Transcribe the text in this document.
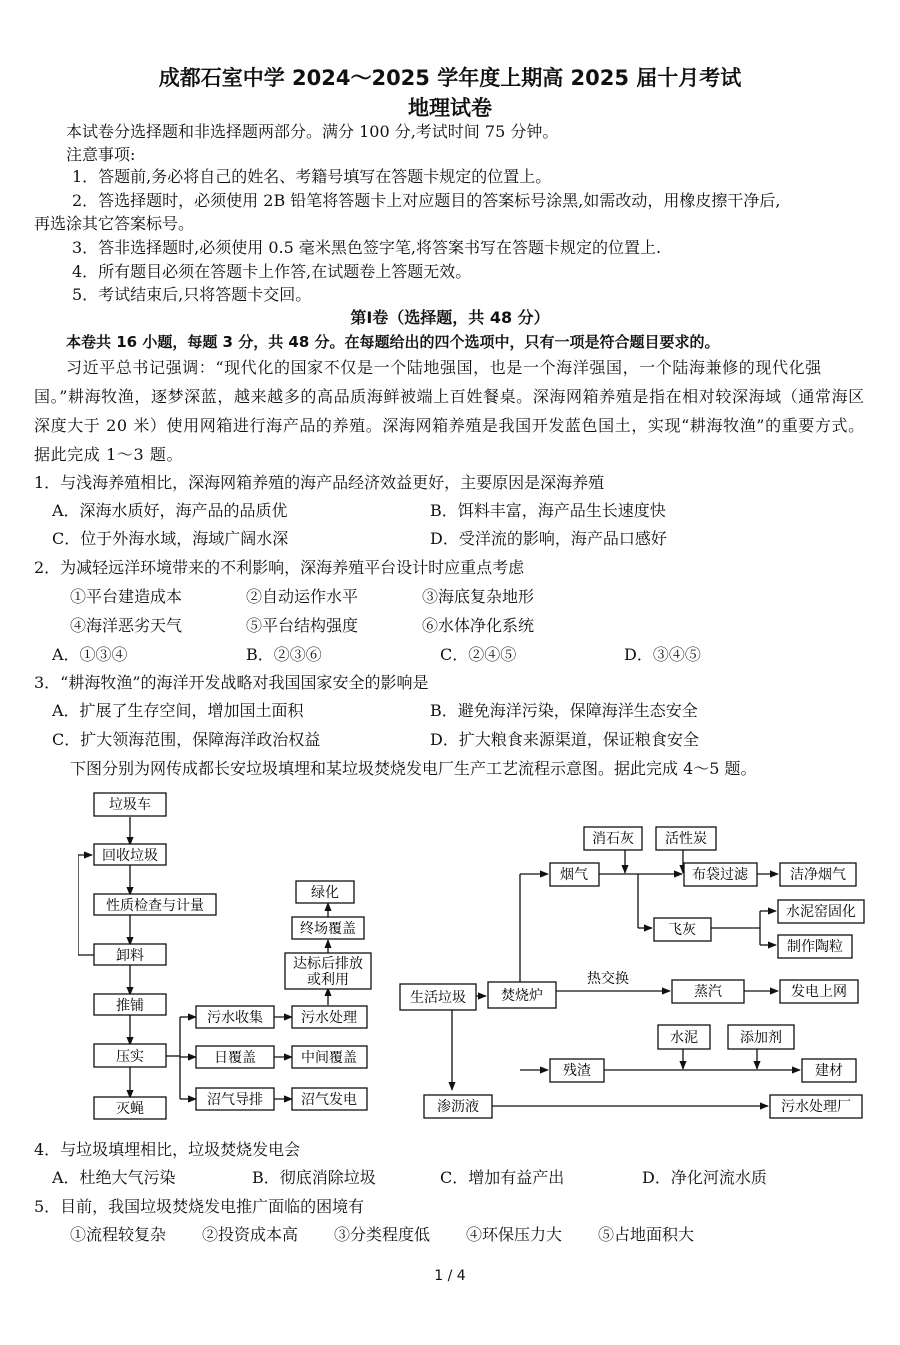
成都石室中学 2024～2025 学年度上期高 2025 届十月考试
地理试卷
本试卷分选择题和非选择题两部分。满分 100 分,考试时间 75 分钟。
注意事项:
1．答题前,务必将自己的姓名、考籍号填写在答题卡规定的位置上。
2．答选择题时，必须使用 2B 铅笔将答题卡上对应题目的答案标号涂黑,如需改动，用橡皮擦干净后,
再选涂其它答案标号。
3．答非选择题时,必须使用 0.5 毫米黑色签字笔,将答案书写在答题卡规定的位置上.
4．所有题目必须在答题卡上作答,在试题卷上答题无效。
5．考试结束后,只将答题卡交回。
第Ⅰ卷（选择题，共 48 分）
本卷共 16 小题，每题 3 分，共 48 分。在每题给出的四个选项中，只有一项是符合题目要求的。
习近平总书记强调：“现代化的国家不仅是一个陆地强国，也是一个海洋强国，一个陆海兼修的现代化强国。”耕海牧渔，逐梦深蓝，越来越多的高品质海鲜被端上百姓餐桌。深海网箱养殖是指在相对较深海域（通常海区深度大于 20 米）使用网箱进行海产品的养殖。深海网箱养殖是我国开发蓝色国土，实现“耕海牧渔”的重要方式。据此完成 1～3 题。
1．与浅海养殖相比，深海网箱养殖的海产品经济效益更好，主要原因是深海养殖
A．深海水质好，海产品的品质优	B．饵料丰富，海产品生长速度快
C．位于外海水域，海域广阔水深	D．受洋流的影响，海产品口感好
2．为减轻远洋环境带来的不利影响，深海养殖平台设计时应重点考虑
①平台建造成本	②自动运作水平	③海底复杂地形
④海洋恶劣天气	⑤平台结构强度	⑥水体净化系统
A．①③④	B．②③⑥	C．②④⑤	D．③④⑤
3．“耕海牧渔”的海洋开发战略对我国国家安全的影响是
A．扩展了生存空间，增加国土面积	B．避免海洋污染，保障海洋生态安全
C．扩大领海范围，保障海洋政治权益	D．扩大粮食来源渠道，保证粮食安全
下图分别为网传成都长安垃圾填埋和某垃圾焚烧发电厂生产工艺流程示意图。据此完成 4～5 题。
垃圾车
回收垃圾
性质检查与计量
卸料
推铺
压实
灭蝇
污水收集
日覆盖
沼气导排
污水处理
中间覆盖
沼气发电
达标后排放
或利用
终场覆盖
绿化
生活垃圾	焚烧炉
消石灰 活性炭
烟气	布袋过滤	洁净烟气
飞灰
水泥窑固化
制作陶粒
热交换
蒸汽	发电上网
水泥	添加剂
残渣	建材
渗沥液	污水处理厂
4．与垃圾填埋相比，垃圾焚烧发电会
A．杜绝大气污染	B．彻底消除垃圾	C．增加有益产出	D．净化河流水质
5．目前，我国垃圾焚烧发电推广面临的困境有
①流程较复杂 ②投资成本高 ③分类程度低 ④环保压力大 ⑤占地面积大
1 / 4
